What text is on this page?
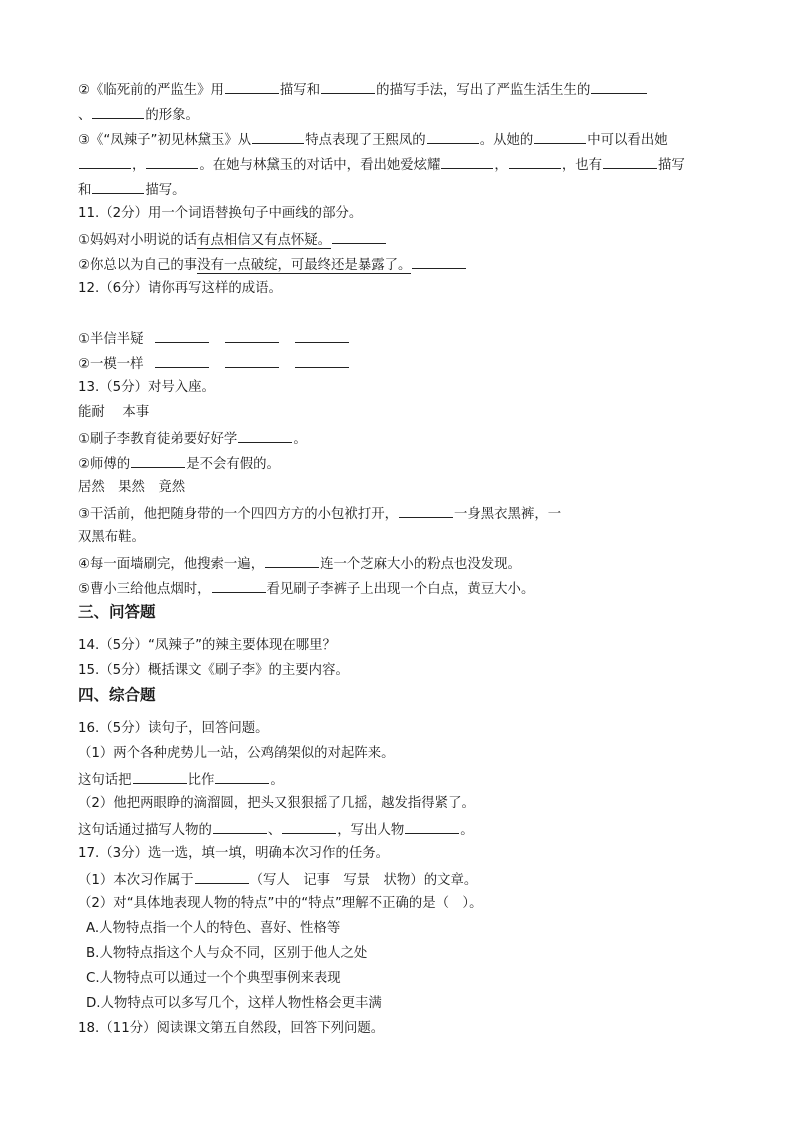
②《临死前的严监生》用	描写和	的描写手法，写出了严监生活生生的
、	的形象。
③《“凤辣子”初见林黛玉》从	特点表现了王熙凤的	。从她的	中可以看出她
，	。在她与林黛玉的对话中，看出她爱炫耀	，	，也有	描写
和	描写。
11.（2分）用一个词语替换句子中画线的部分。
①妈妈对小明说的话有点相信又有点怀疑。
②你总以为自己的事没有一点破绽，可最终还是暴露了。
12.（6分）请你再写这样的成语。
①半信半疑
②一模一样
13.（5分）对号入座。
能耐　 本事
①刷子李教育徒弟要好好学	。
②师傅的	是不会有假的。
居然　果然　竟然
③干活前，他把随身带的一个四四方方的小包袱打开，	一身黑衣黑裤，一
双黑布鞋。
④每一面墙刷完，他搜索一遍，	连一个芝麻大小的粉点也没发现。
⑤曹小三给他点烟时，	看见刷子李裤子上出现一个白点，黄豆大小。
三、问答题
14.（5分）“凤辣子”的辣主要体现在哪里？
15.（5分）概括课文《刷子李》的主要内容。
四、综合题
16.（5分）读句子，回答问题。
（1）两个各种虎势儿一站，公鸡鹐架似的对起阵来。
这句话把	比作	。
（2）他把两眼睁的滴溜圆，把头又狠狠摇了几摇，越发指得紧了。
这句话通过描写人物的	、	，写出人物	。
17.（3分）选一选，填一填，明确本次习作的任务。
（1）本次习作属于	（写人　记事　写景　状物）的文章。
（2）对“具体地表现人物的特点”中的“特点”理解不正确的是（　）。
A.人物特点指一个人的特色、喜好、性格等
B.人物特点指这个人与众不同，区别于他人之处
C.人物特点可以通过一个个典型事例来表现
D.人物特点可以多写几个，这样人物性格会更丰满
18.（11分）阅读课文第五自然段，回答下列问题。
